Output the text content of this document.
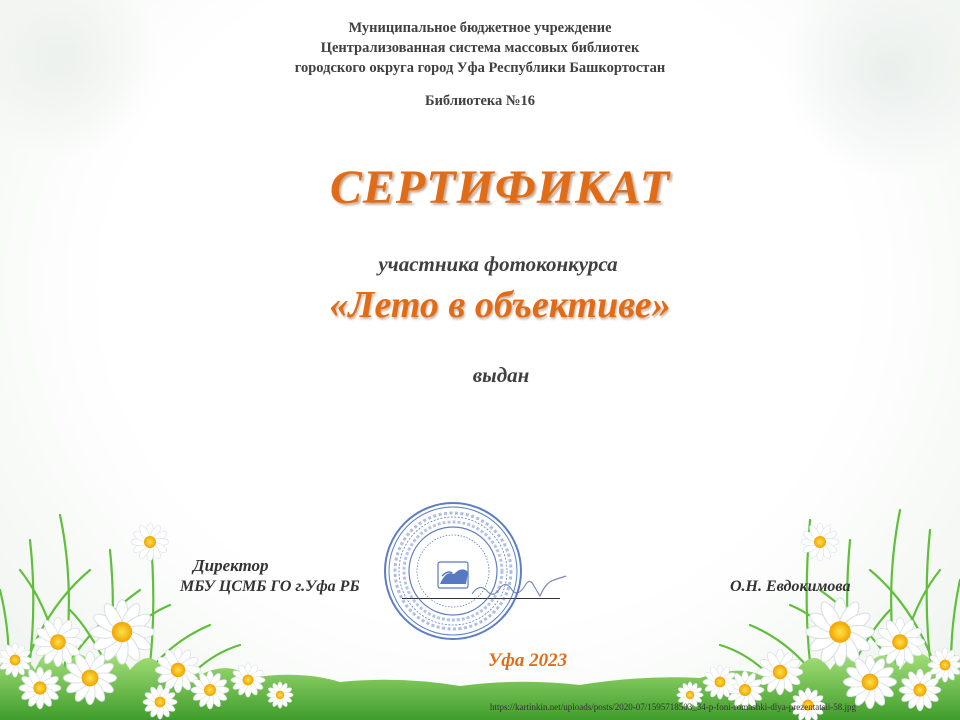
Муниципальное бюджетное учреждение
Централизованная система массовых библиотек
городского округа город Уфа Республики Башкортостан
Библиотека №16
СЕРТИФИКАТ
участника фотоконкурса
«Лето в объективе»
выдан
Директор
МБУ ЦСМБ ГО г.Уфа РБ	О.Н. Евдокимова
Уфа 2023
https://kartinkin.net/uploads/posts/2020-07/1595718503_34-p-foni-romashki-dlya-prezentatsii-58.jpg
